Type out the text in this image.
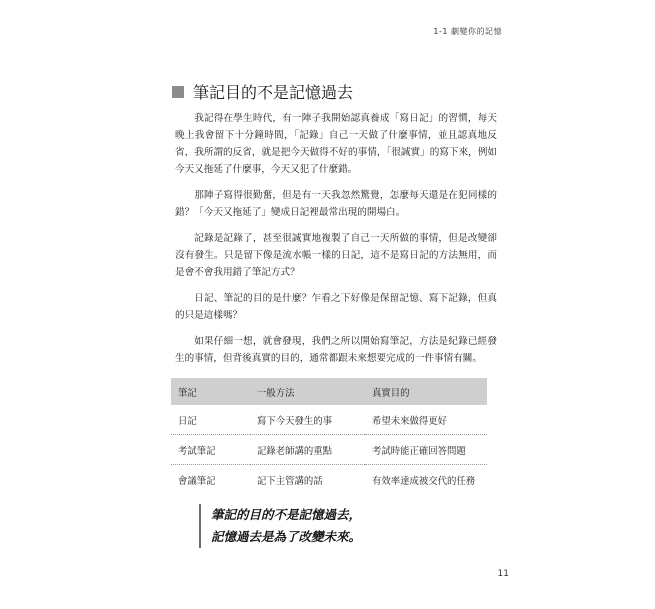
1-1 劇變你的記憶
筆記目的不是記憶過去

我記得在學生時代，有一陣子我開始認真養成「寫日記」的習慣，每天晚上我會留下十分鐘時間，「記錄」自己一天做了什麼事情，並且認真地反省，我所謂的反省，就是把今天做得不好的事情，「很誠實」的寫下來，例如今天又拖延了什麼事，今天又犯了什麼錯。

那陣子寫得很勤奮，但是有一天我忽然驚覺，怎麼每天還是在犯同樣的錯？「今天又拖延了」變成日記裡最常出現的開場白。

記錄是記錄了，甚至很誠實地複製了自己一天所做的事情，但是改變卻沒有發生。只是留下像是流水帳一樣的日記，這不是寫日記的方法無用，而是會不會我用錯了筆記方式？

日記、筆記的目的是什麼？乍看之下好像是保留記憶、寫下記錄，但真的只是這樣嗎？

如果仔細一想，就會發現，我們之所以開始寫筆記，方法是紀錄已經發生的事情，但背後真實的目的，通常都跟未來想要完成的一件事情有關。

筆記	一般方法	真實目的
日記	寫下今天發生的事	希望未來做得更好
考試筆記	記錄老師講的重點	考試時能正確回答問題
會議筆記	記下主管講的話	有效率達成被交代的任務
筆記的目的不是記憶過去，
記憶過去是為了改變未來。
11
